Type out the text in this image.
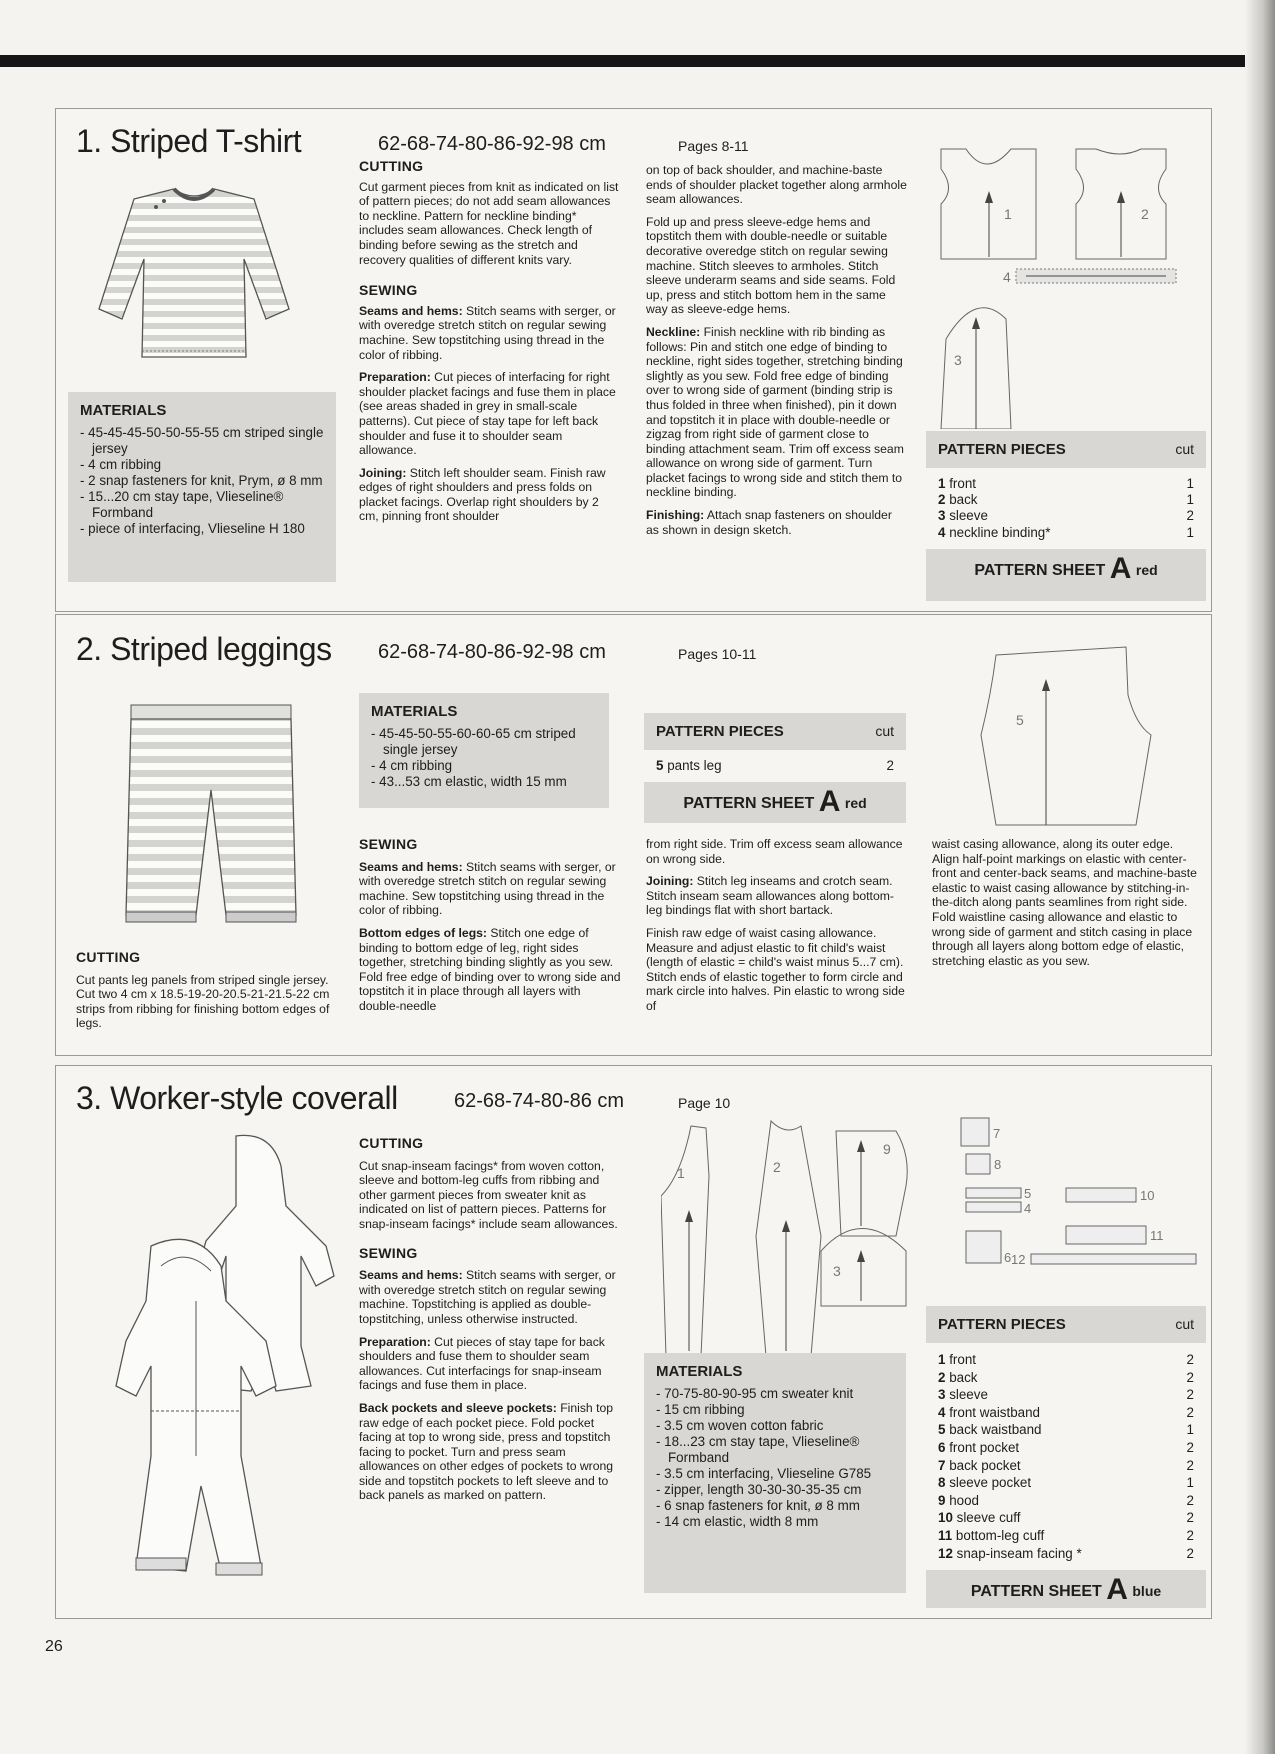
1. Striped T-shirt
MATERIALS
- 45-45-45-50-50-55-55 cm striped single jersey
- 4 cm ribbing
- 2 snap fasteners for knit, Prym, ø 8 mm
- 15...20 cm stay tape, Vlieseline® Formband
- piece of interfacing, Vlieseline H 180
62-68-74-80-86-92-98 cm	Pages 8-11
CUTTING

Cut garment pieces from knit as indicated on list of pattern pieces; do not add seam allowances to neckline. Pattern for neckline binding* includes seam allowances. Check length of binding before sewing as the stretch and recovery qualities of different knits vary.

SEWING

Seams and hems: Stitch seams with serger, or with overedge stretch stitch on regular sewing machine. Sew topstitching using thread in the color of ribbing.

Preparation: Cut pieces of interfacing for right shoulder placket facings and fuse them in place (see areas shaded in grey in small-scale patterns). Cut piece of stay tape for left back shoulder and fuse it to shoulder seam allowance.

Joining: Stitch left shoulder seam. Finish raw edges of right shoulders and press folds on placket facings. Overlap right shoulders by 2 cm, pinning front shoulder

on top of back shoulder, and machine-baste ends of shoulder placket together along armhole seam allowances.

Fold up and press sleeve-edge hems and topstitch them with double-needle or suitable decorative overedge stitch on regular sewing machine. Stitch sleeves to armholes. Stitch sleeve underarm seams and side seams. Fold up, press and stitch bottom hem in the same way as sleeve-edge hems.

Neckline: Finish neckline with rib binding as follows: Pin and stitch one edge of binding to neckline, right sides together, stretching binding slightly as you sew. Fold free edge of binding over to wrong side of garment (binding strip is thus folded in three when finished), pin it down and topstitch it in place with double-needle or zigzag from right side of garment close to binding attachment seam. Trim off excess seam allowance on wrong side of garment. Turn placket facings to wrong side and stitch them to neckline binding.

Finishing: Attach snap fasteners on shoulder as shown in design sketch.

1	2
4
3
PATTERN PIECES	cut
1 front	1
2 back	1
3 sleeve	2
4 neckline binding*	1
PATTERN SHEET A red
2. Striped leggings 62-68-74-80-86-92-98 cm	Pages 10-11
CUTTING

Cut pants leg panels from striped single jersey. Cut two 4 cm x 18.5-19-20-20.5-21-21.5-22 cm strips from ribbing for finishing bottom edges of legs.

MATERIALS
- 45-45-50-55-60-60-65 cm striped single jersey
- 4 cm ribbing
- 43...53 cm elastic, width 15 mm
SEWING

Seams and hems: Stitch seams with serger, or with overedge stretch stitch on regular sewing machine. Sew topstitching using thread in the color of ribbing.

Bottom edges of legs: Stitch one edge of binding to bottom edge of leg, right sides together, stretching binding slightly as you sew. Fold free edge of binding over to wrong side and topstitch it in place through all layers with double-needle

PATTERN PIECES	cut
5 pants leg	2
PATTERN SHEET A red

from right side. Trim off excess seam allowance on wrong side.

Joining: Stitch leg inseams and crotch seam. Stitch inseam seam allowances along bottom-leg bindings flat with short bartack.

Finish raw edge of waist casing allowance. Measure and adjust elastic to fit child's waist (length of elastic = child's waist minus 5...7 cm). Stitch ends of elastic together to form circle and mark circle into halves. Pin elastic to wrong side of

5
waist casing allowance, along its outer edge. Align half-point markings on elastic with center-front and center-back seams, and machine-baste elastic to waist casing allowance by stitching-in-the-ditch along pants seamlines from right side. Fold waistline casing allowance and elastic to wrong side of garment and stitch casing in place through all layers along bottom edge of elastic, stretching elastic as you sew.
3. Worker-style coverall	62-68-74-80-86 cm	Page 10
CUTTING

Cut snap-inseam facings* from woven cotton, sleeve and bottom-leg cuffs from ribbing and other garment pieces from sweater knit as indicated on list of pattern pieces. Patterns for snap-inseam facings* include seam allowances.

SEWING

Seams and hems: Stitch seams with serger, or with overedge stretch stitch on regular sewing machine. Topstitching is applied as double-topstitching, unless otherwise instructed.

Preparation: Cut pieces of stay tape for back shoulders and fuse them to shoulder seam allowances. Cut interfacings for snap-inseam facings and fuse them in place.

Back pockets and sleeve pockets: Finish top raw edge of each pocket piece. Fold pocket facing at top to wrong side, press and topstitch facing to pocket. Turn and press seam allowances on other edges of pockets to wrong side and topstitch pockets to left sleeve and to back panels as marked on pattern.

1	2
9
3
7
8
5
4
10
11
6 12
MATERIALS
- 70-75-80-90-95 cm sweater knit
- 15 cm ribbing
- 3.5 cm woven cotton fabric
- 18...23 cm stay tape, Vlieseline® Formband
- 3.5 cm interfacing, Vlieseline G785
- zipper, length 30-30-30-35-35 cm
- 6 snap fasteners for knit, ø 8 mm
- 14 cm elastic, width 8 mm
PATTERN PIECES	cut
1 front	2
2 back	2
3 sleeve	2
4 front waistband	2
5 back waistband	1
6 front pocket	2
7 back pocket	2
8 sleeve pocket	1
9 hood	2
10 sleeve cuff	2
11 bottom-leg cuff	2
12 snap-inseam facing *	2
PATTERN SHEET A blue
26
